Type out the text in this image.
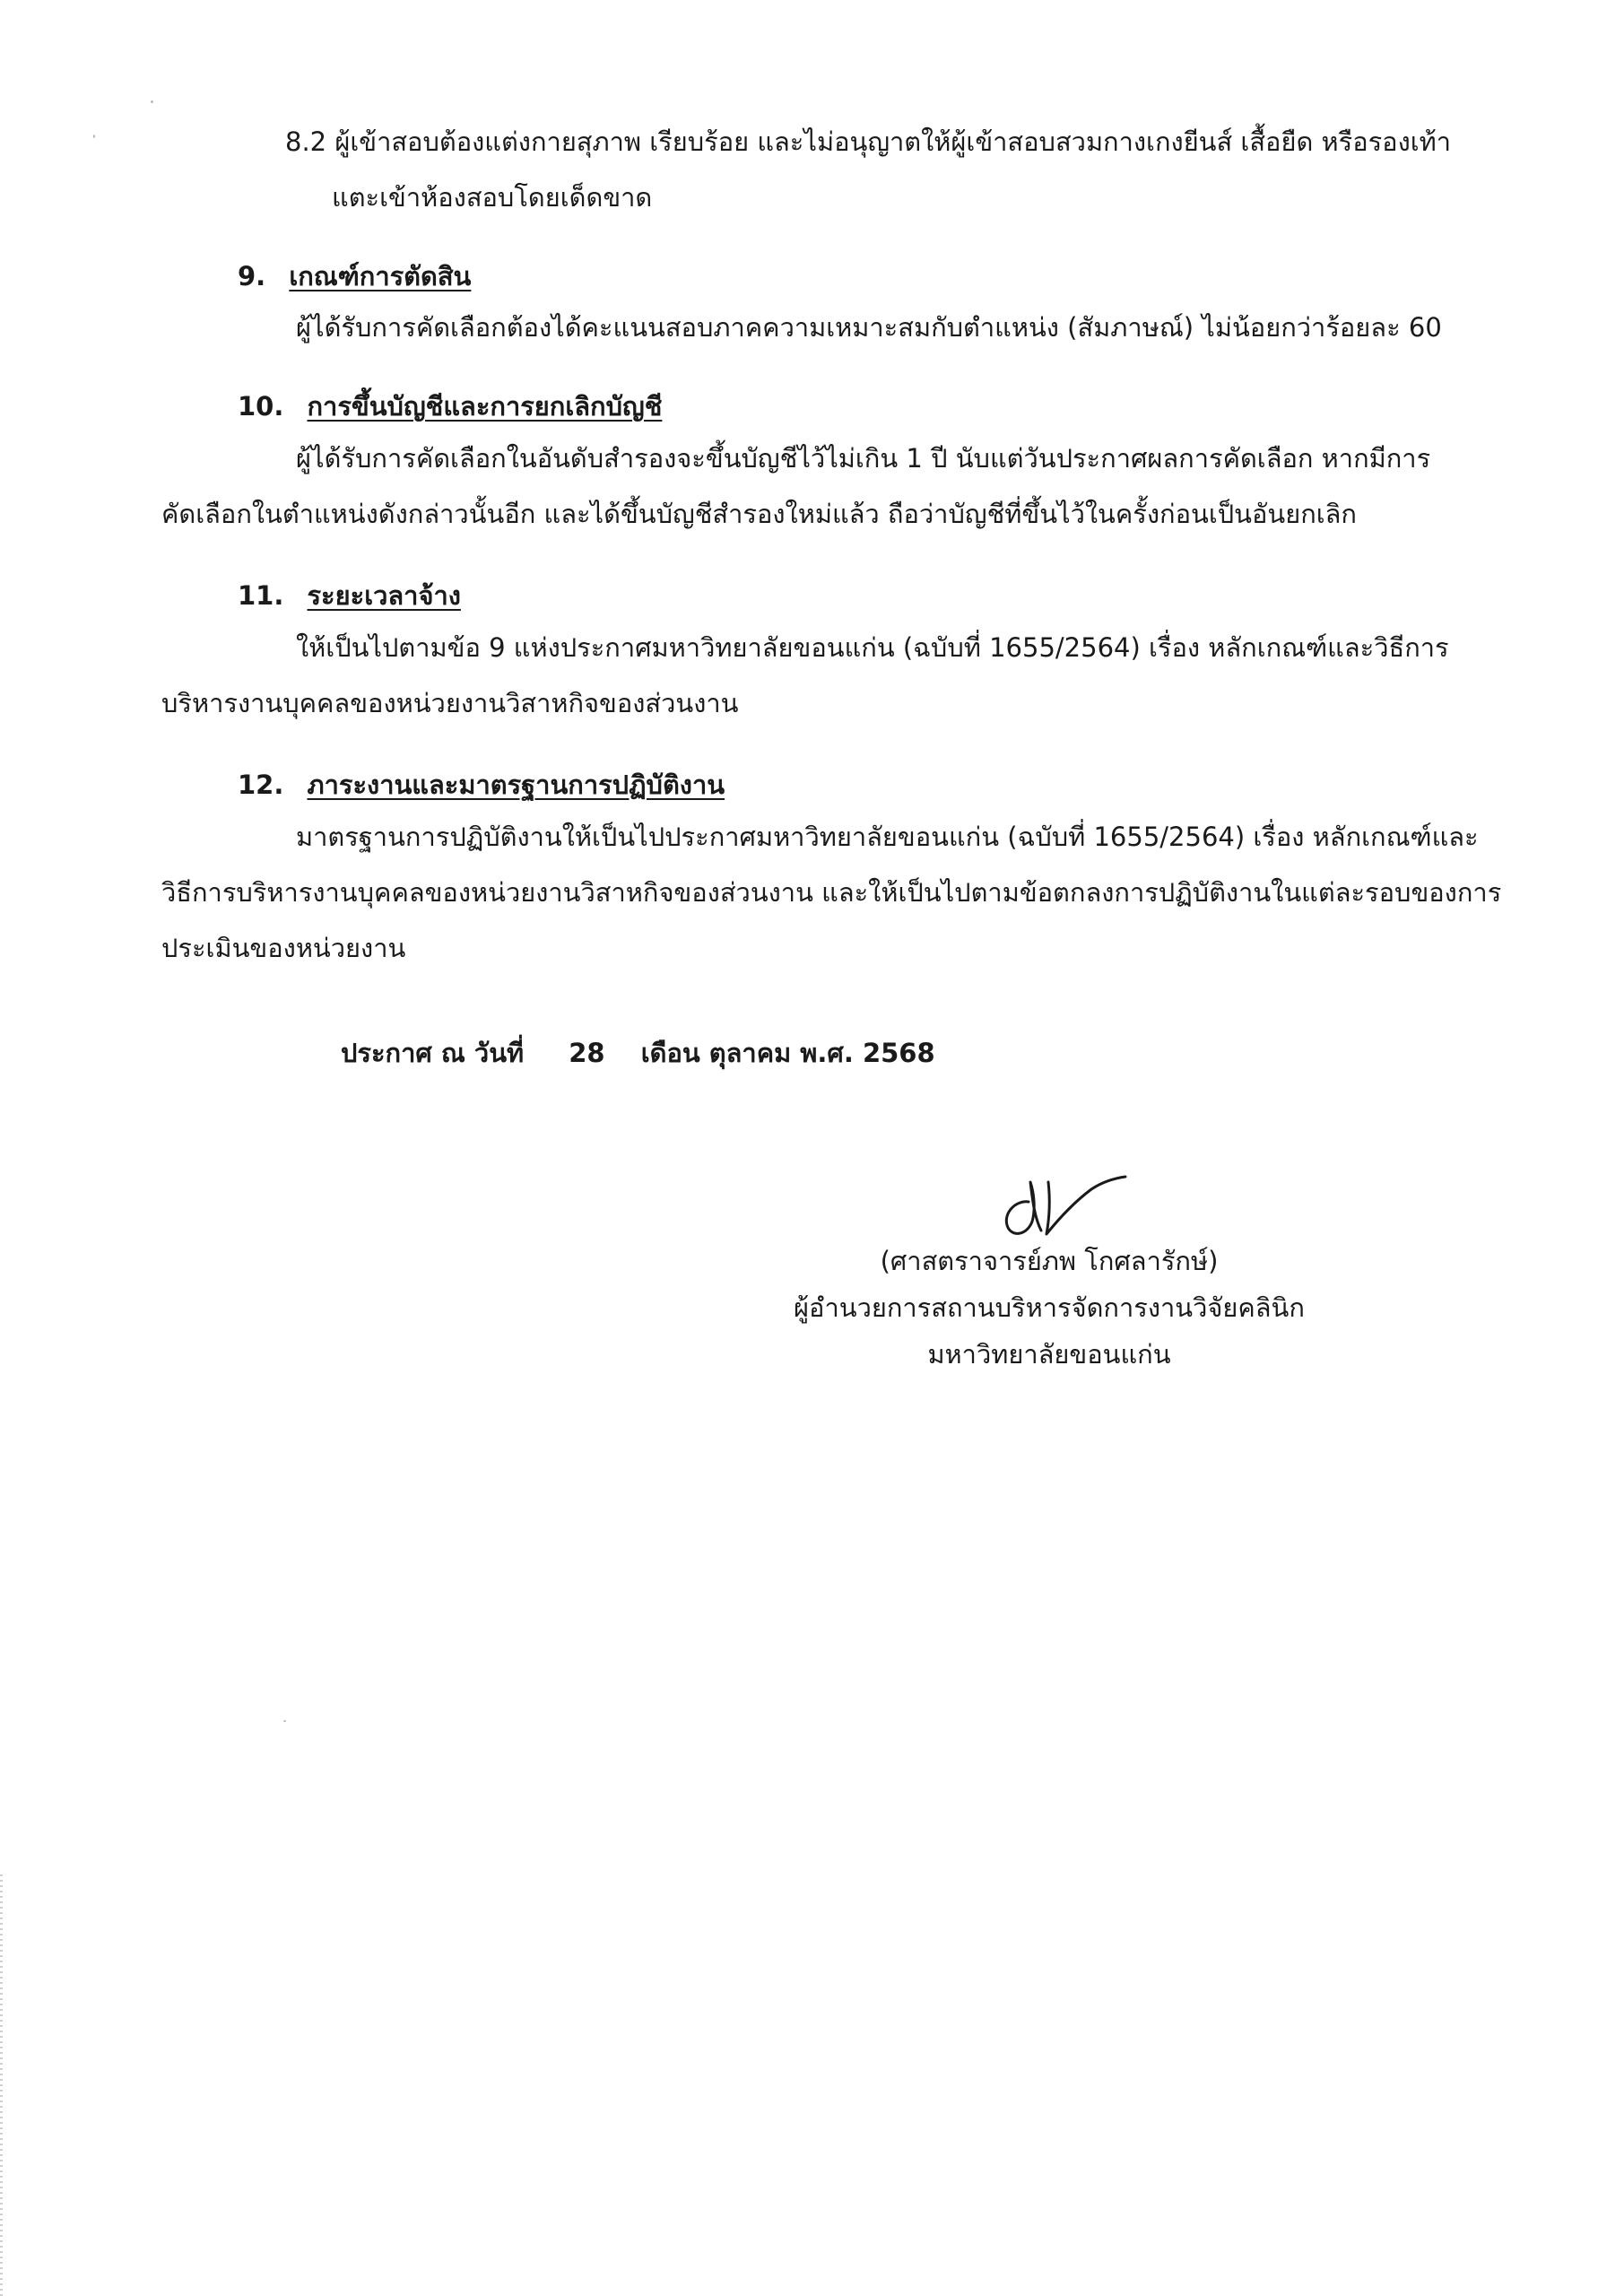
8.2 ผู้เข้าสอบต้องแต่งกายสุภาพ เรียบร้อย และไม่อนุญาตให้ผู้เข้าสอบสวมกางเกงยีนส์ เสื้อยืด หรือรองเท้า
แตะเข้าห้องสอบโดยเด็ดขาด
9. เกณฑ์การตัดสิน
ผู้ได้รับการคัดเลือกต้องได้คะแนนสอบภาคความเหมาะสมกับตำแหน่ง (สัมภาษณ์) ไม่น้อยกว่าร้อยละ 60
10. การขึ้นบัญชีและการยกเลิกบัญชี
ผู้ได้รับการคัดเลือกในอันดับสำรองจะขึ้นบัญชีไว้ไม่เกิน 1 ปี นับแต่วันประกาศผลการคัดเลือก หากมีการ
คัดเลือกในตำแหน่งดังกล่าวนั้นอีก และได้ขึ้นบัญชีสำรองใหม่แล้ว ถือว่าบัญชีที่ขึ้นไว้ในครั้งก่อนเป็นอันยกเลิก
11. ระยะเวลาจ้าง
ให้เป็นไปตามข้อ 9 แห่งประกาศมหาวิทยาลัยขอนแก่น (ฉบับที่ 1655/2564) เรื่อง หลักเกณฑ์และวิธีการ
บริหารงานบุคคลของหน่วยงานวิสาหกิจของส่วนงาน
12. ภาระงานและมาตรฐานการปฏิบัติงาน
มาตรฐานการปฏิบัติงานให้เป็นไปประกาศมหาวิทยาลัยขอนแก่น (ฉบับที่ 1655/2564) เรื่อง หลักเกณฑ์และ
วิธีการบริหารงานบุคคลของหน่วยงานวิสาหกิจของส่วนงาน และให้เป็นไปตามข้อตกลงการปฏิบัติงานในแต่ละรอบของการ
ประเมินของหน่วยงาน
ประกาศ ณ วันที่ 28 เดือน ตุลาคม พ.ศ. 2568
(ศาสตราจารย์ภพ โกศลารักษ์)
ผู้อำนวยการสถานบริหารจัดการงานวิจัยคลินิก
มหาวิทยาลัยขอนแก่น
